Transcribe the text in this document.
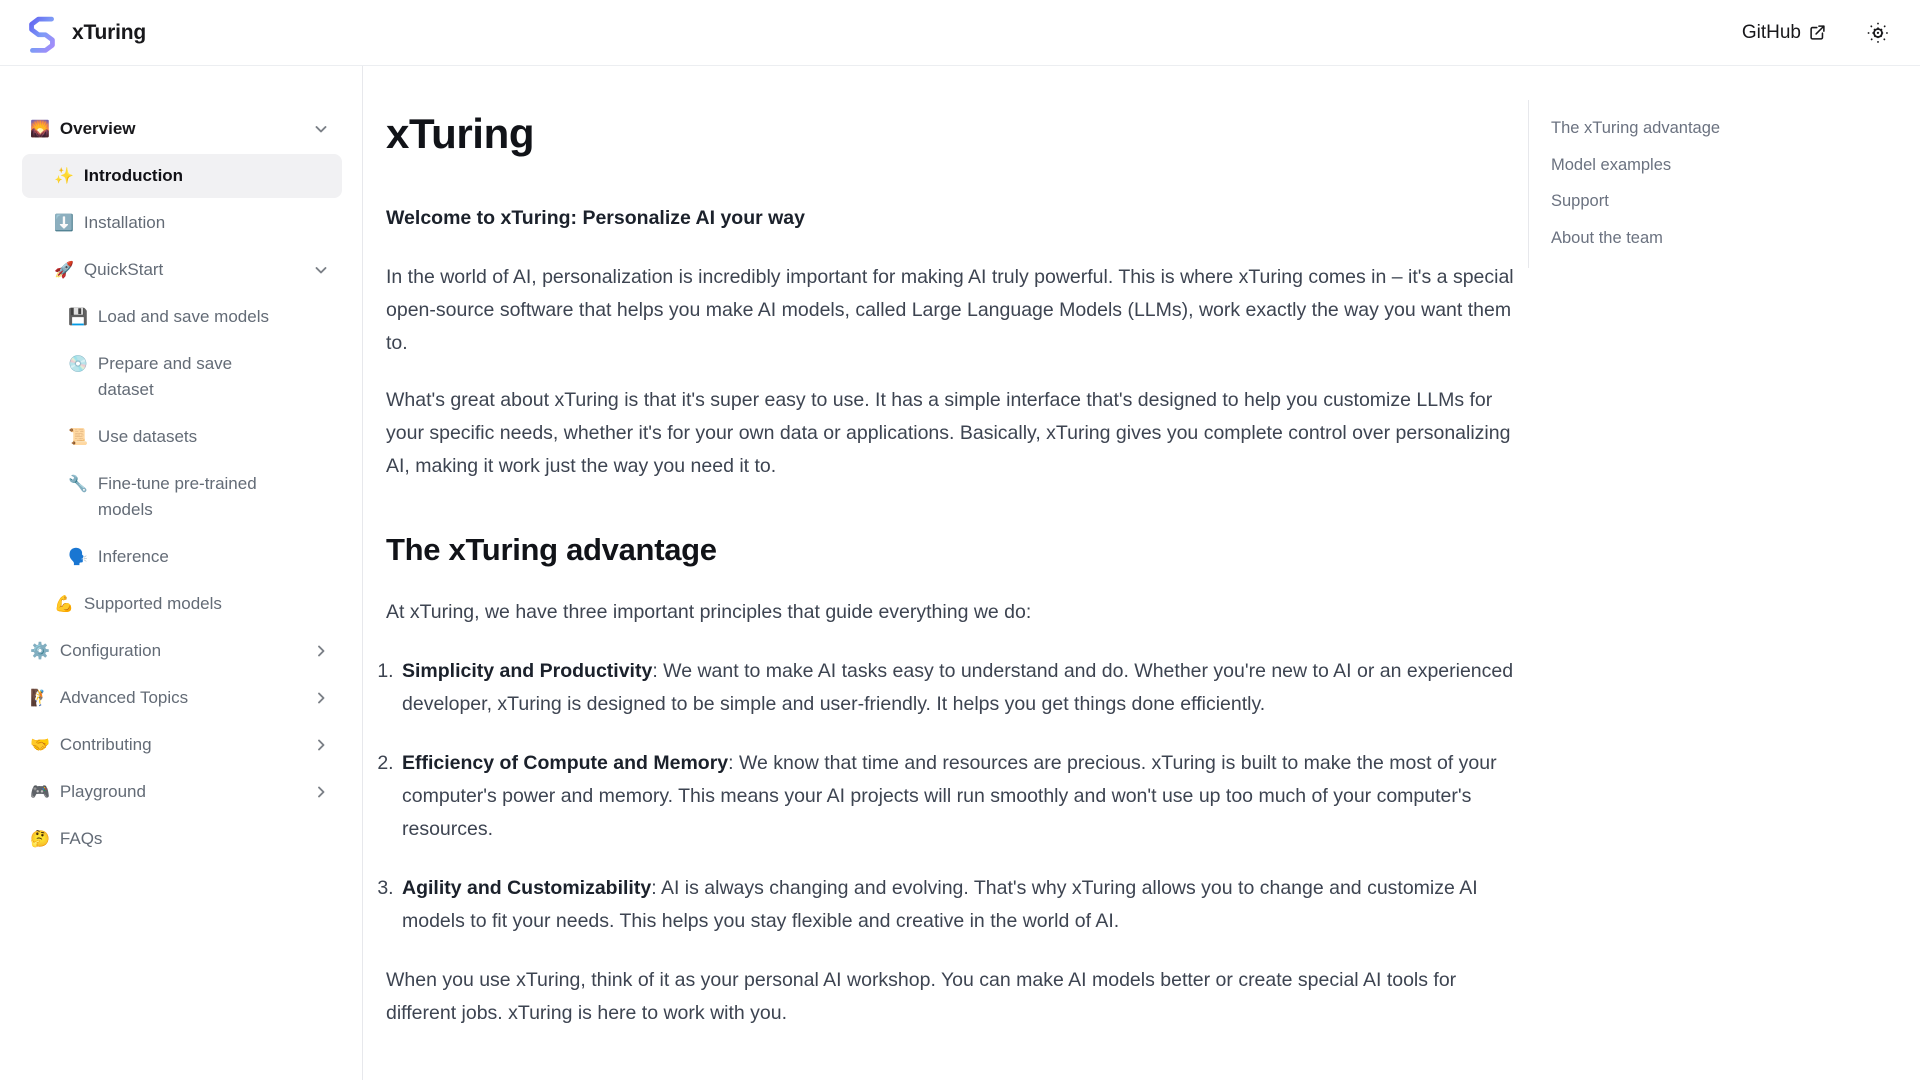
xTuring	GitHub
🌄 Overview
✨ Introduction
⬇️ Installation
🚀 QuickStart
💾 Load and save models
💿 Prepare and save dataset
📜 Use datasets
🔧 Fine-tune pre-trained models
🗣️ Inference
💪 Supported models
⚙️ Configuration
🧗 Advanced Topics
🤝 Contributing
🎮 Playground
🤔 FAQs
xTuring

Welcome to xTuring: Personalize AI your way

In the world of AI, personalization is incredibly important for making AI truly powerful. This is where xTuring comes in – it's a special open-source software that helps you make AI models, called Large Language Models (LLMs), work exactly the way you want them to.

What's great about xTuring is that it's super easy to use. It has a simple interface that's designed to help you customize LLMs for your specific needs, whether it's for your own data or applications. Basically, xTuring gives you complete control over personalizing AI, making it work just the way you need it to.

The xTuring advantage

At xTuring, we have three important principles that guide everything we do:

1. Simplicity and Productivity: We want to make AI tasks easy to understand and do. Whether you're new to AI or an experienced developer, xTuring is designed to be simple and user-friendly. It helps you get things done efficiently.
2. Efficiency of Compute and Memory: We know that time and resources are precious. xTuring is built to make the most of your computer's power and memory. This means your AI projects will run smoothly and won't use up too much of your computer's resources.
3. Agility and Customizability: AI is always changing and evolving. That's why xTuring allows you to change and customize AI models to fit your needs. This helps you stay flexible and creative in the world of AI.

When you use xTuring, think of it as your personal AI workshop. You can make AI models better or create special AI tools for different jobs. xTuring is here to work with you.

The xTuring advantage
Model examples
Support
About the team
